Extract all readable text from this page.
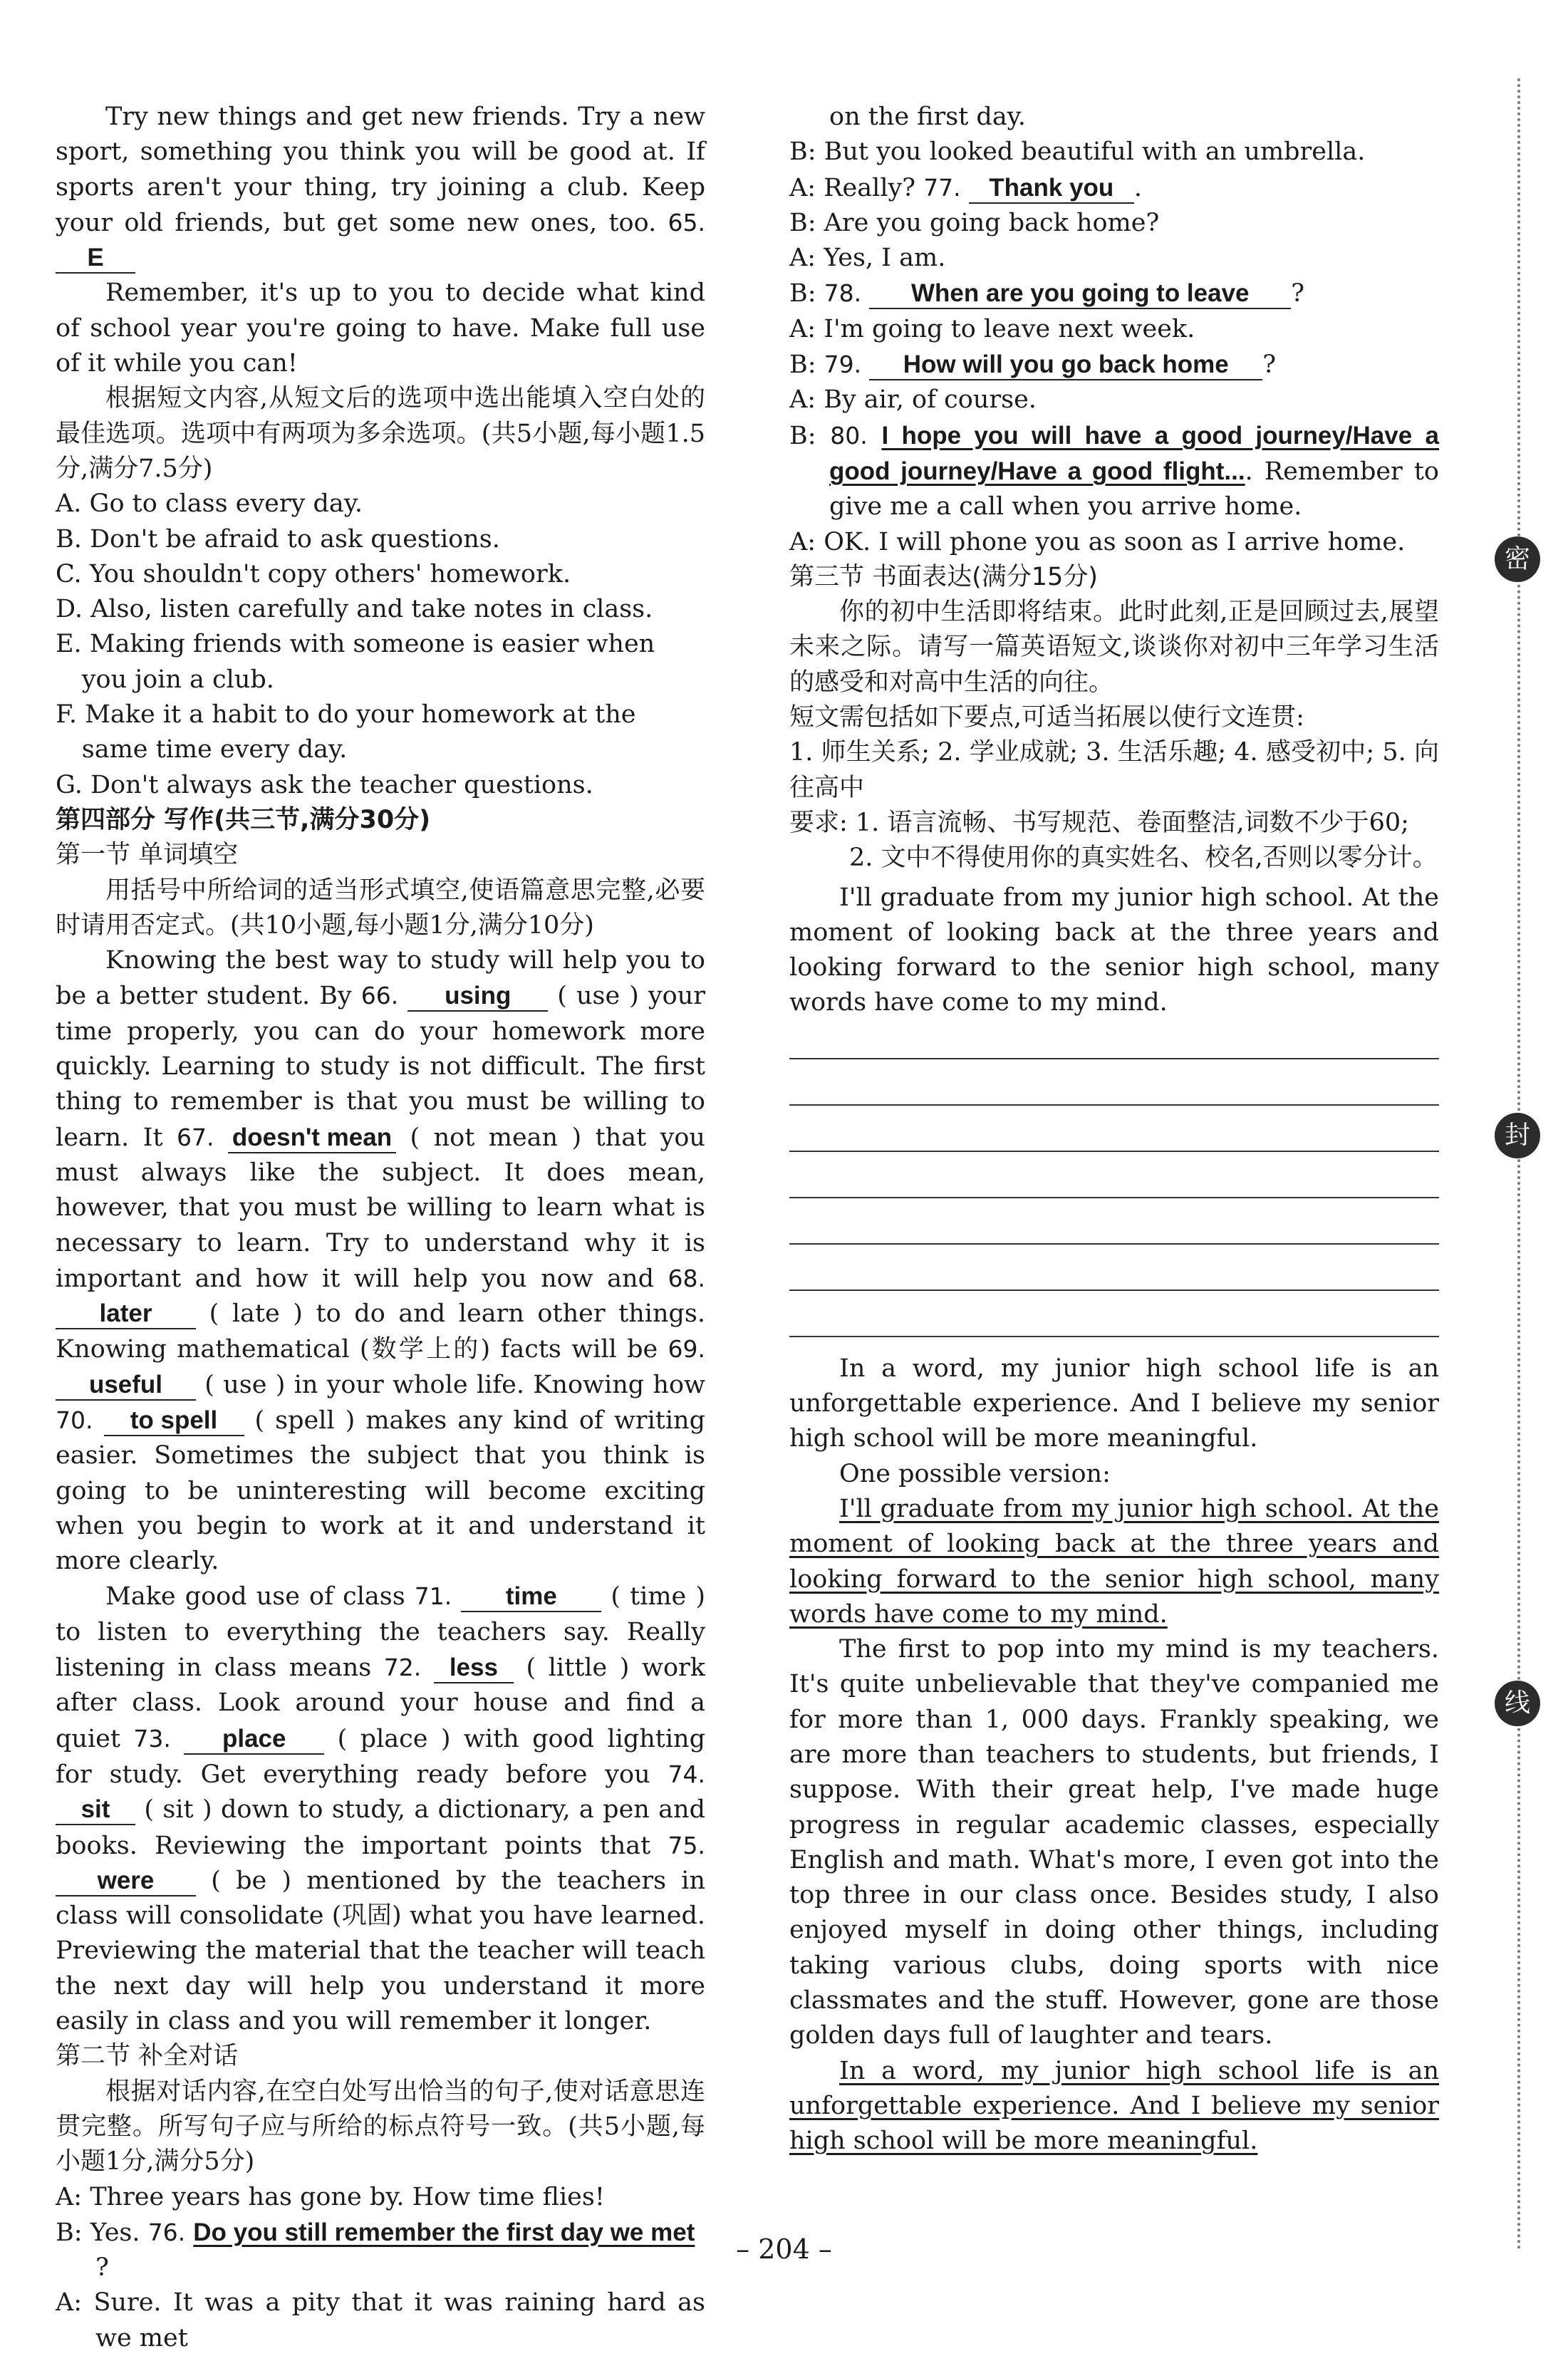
Try new things and get new friends. Try a new sport, something you think you will be good at. If sports aren't your thing, try joining a club. Keep your old friends, but get some new ones, too. 65. E
Remember, it's up to you to decide what kind of school year you're going to have. Make full use of it while you can!
根据短文内容,从短文后的选项中选出能填入空白处的最佳选项。选项中有两项为多余选项。(共5小题,每小题1.5分,满分7.5分)
A. Go to class every day.
B. Don't be afraid to ask questions.
C. You shouldn't copy others' homework.
D. Also, listen carefully and take notes in class.
E. Making friends with someone is easier when you join a club.
F. Make it a habit to do your homework at the same time every day.
G. Don't always ask the teacher questions.
第四部分 写作(共三节,满分30分)
第一节 单词填空
用括号中所给词的适当形式填空,使语篇意思完整,必要时请用否定式。(共10小题,每小题1分,满分10分)
Knowing the best way to study will help you to be a better student. By 66. using ( use ) your time properly, you can do your homework more quickly. Learning to study is not difficult. The first thing to remember is that you must be willing to learn. It 67. doesn't mean ( not mean ) that you must always like the subject. It does mean, however, that you must be willing to learn what is necessary to learn. Try to understand why it is important and how it will help you now and 68. later ( late ) to do and learn other things. Knowing mathematical (数学上的) facts will be 69. useful ( use ) in your whole life. Knowing how 70. to spell ( spell ) makes any kind of writing easier. Sometimes the subject that you think is going to be uninteresting will become exciting when you begin to work at it and understand it more clearly.
Make good use of class 71. time ( time ) to listen to everything the teachers say. Really listening in class means 72. less ( little ) work after class. Look around your house and find a quiet 73. place ( place ) with good lighting for study. Get everything ready before you 74. sit ( sit ) down to study, a dictionary, a pen and books. Reviewing the important points that 75. were ( be ) mentioned by the teachers in class will consolidate (巩固) what you have learned. Previewing the material that the teacher will teach the next day will help you understand it more easily in class and you will remember it longer.
第二节 补全对话
根据对话内容,在空白处写出恰当的句子,使对话意思连贯完整。所写句子应与所给的标点符号一致。(共5小题,每小题1分,满分5分)
A: Three years has gone by. How time flies!
B: Yes. 76. Do you still remember the first day we met ?
A: Sure. It was a pity that it was raining hard as we met
on the first day.
B: But you looked beautiful with an umbrella.
A: Really? 77. Thank you .
B: Are you going back home?
A: Yes, I am.
B: 78. When are you going to leave ?
A: I'm going to leave next week.
B: 79. How will you go back home ?
A: By air, of course.
B: 80. I hope you will have a good journey/Have a good journey/Have a good flight.... Remember to give me a call when you arrive home.
A: OK. I will phone you as soon as I arrive home.
第三节 书面表达(满分15分)
你的初中生活即将结束。此时此刻,正是回顾过去,展望未来之际。请写一篇英语短文,谈谈你对初中三年学习生活的感受和对高中生活的向往。
短文需包括如下要点,可适当拓展以使行文连贯:
1. 师生关系; 2. 学业成就; 3. 生活乐趣; 4. 感受初中; 5. 向往高中
要求: 1. 语言流畅、书写规范、卷面整洁,词数不少于60;
2. 文中不得使用你的真实姓名、校名,否则以零分计。
I'll graduate from my junior high school. At the moment of looking back at the three years and looking forward to the senior high school, many words have come to my mind.
In a word, my junior high school life is an unforgettable experience. And I believe my senior high school will be more meaningful.
One possible version:
I'll graduate from my junior high school. At the moment of looking back at the three years and looking forward to the senior high school, many words have come to my mind.
The first to pop into my mind is my teachers. It's quite unbelievable that they've companied me for more than 1, 000 days. Frankly speaking, we are more than teachers to students, but friends, I suppose. With their great help, I've made huge progress in regular academic classes, especially English and math. What's more, I even got into the top three in our class once. Besides study, I also enjoyed myself in doing other things, including taking various clubs, doing sports with nice classmates and the stuff. However, gone are those golden days full of laughter and tears.
In a word, my junior high school life is an unforgettable experience. And I believe my senior high school will be more meaningful.
密
封
线
– 204 –
